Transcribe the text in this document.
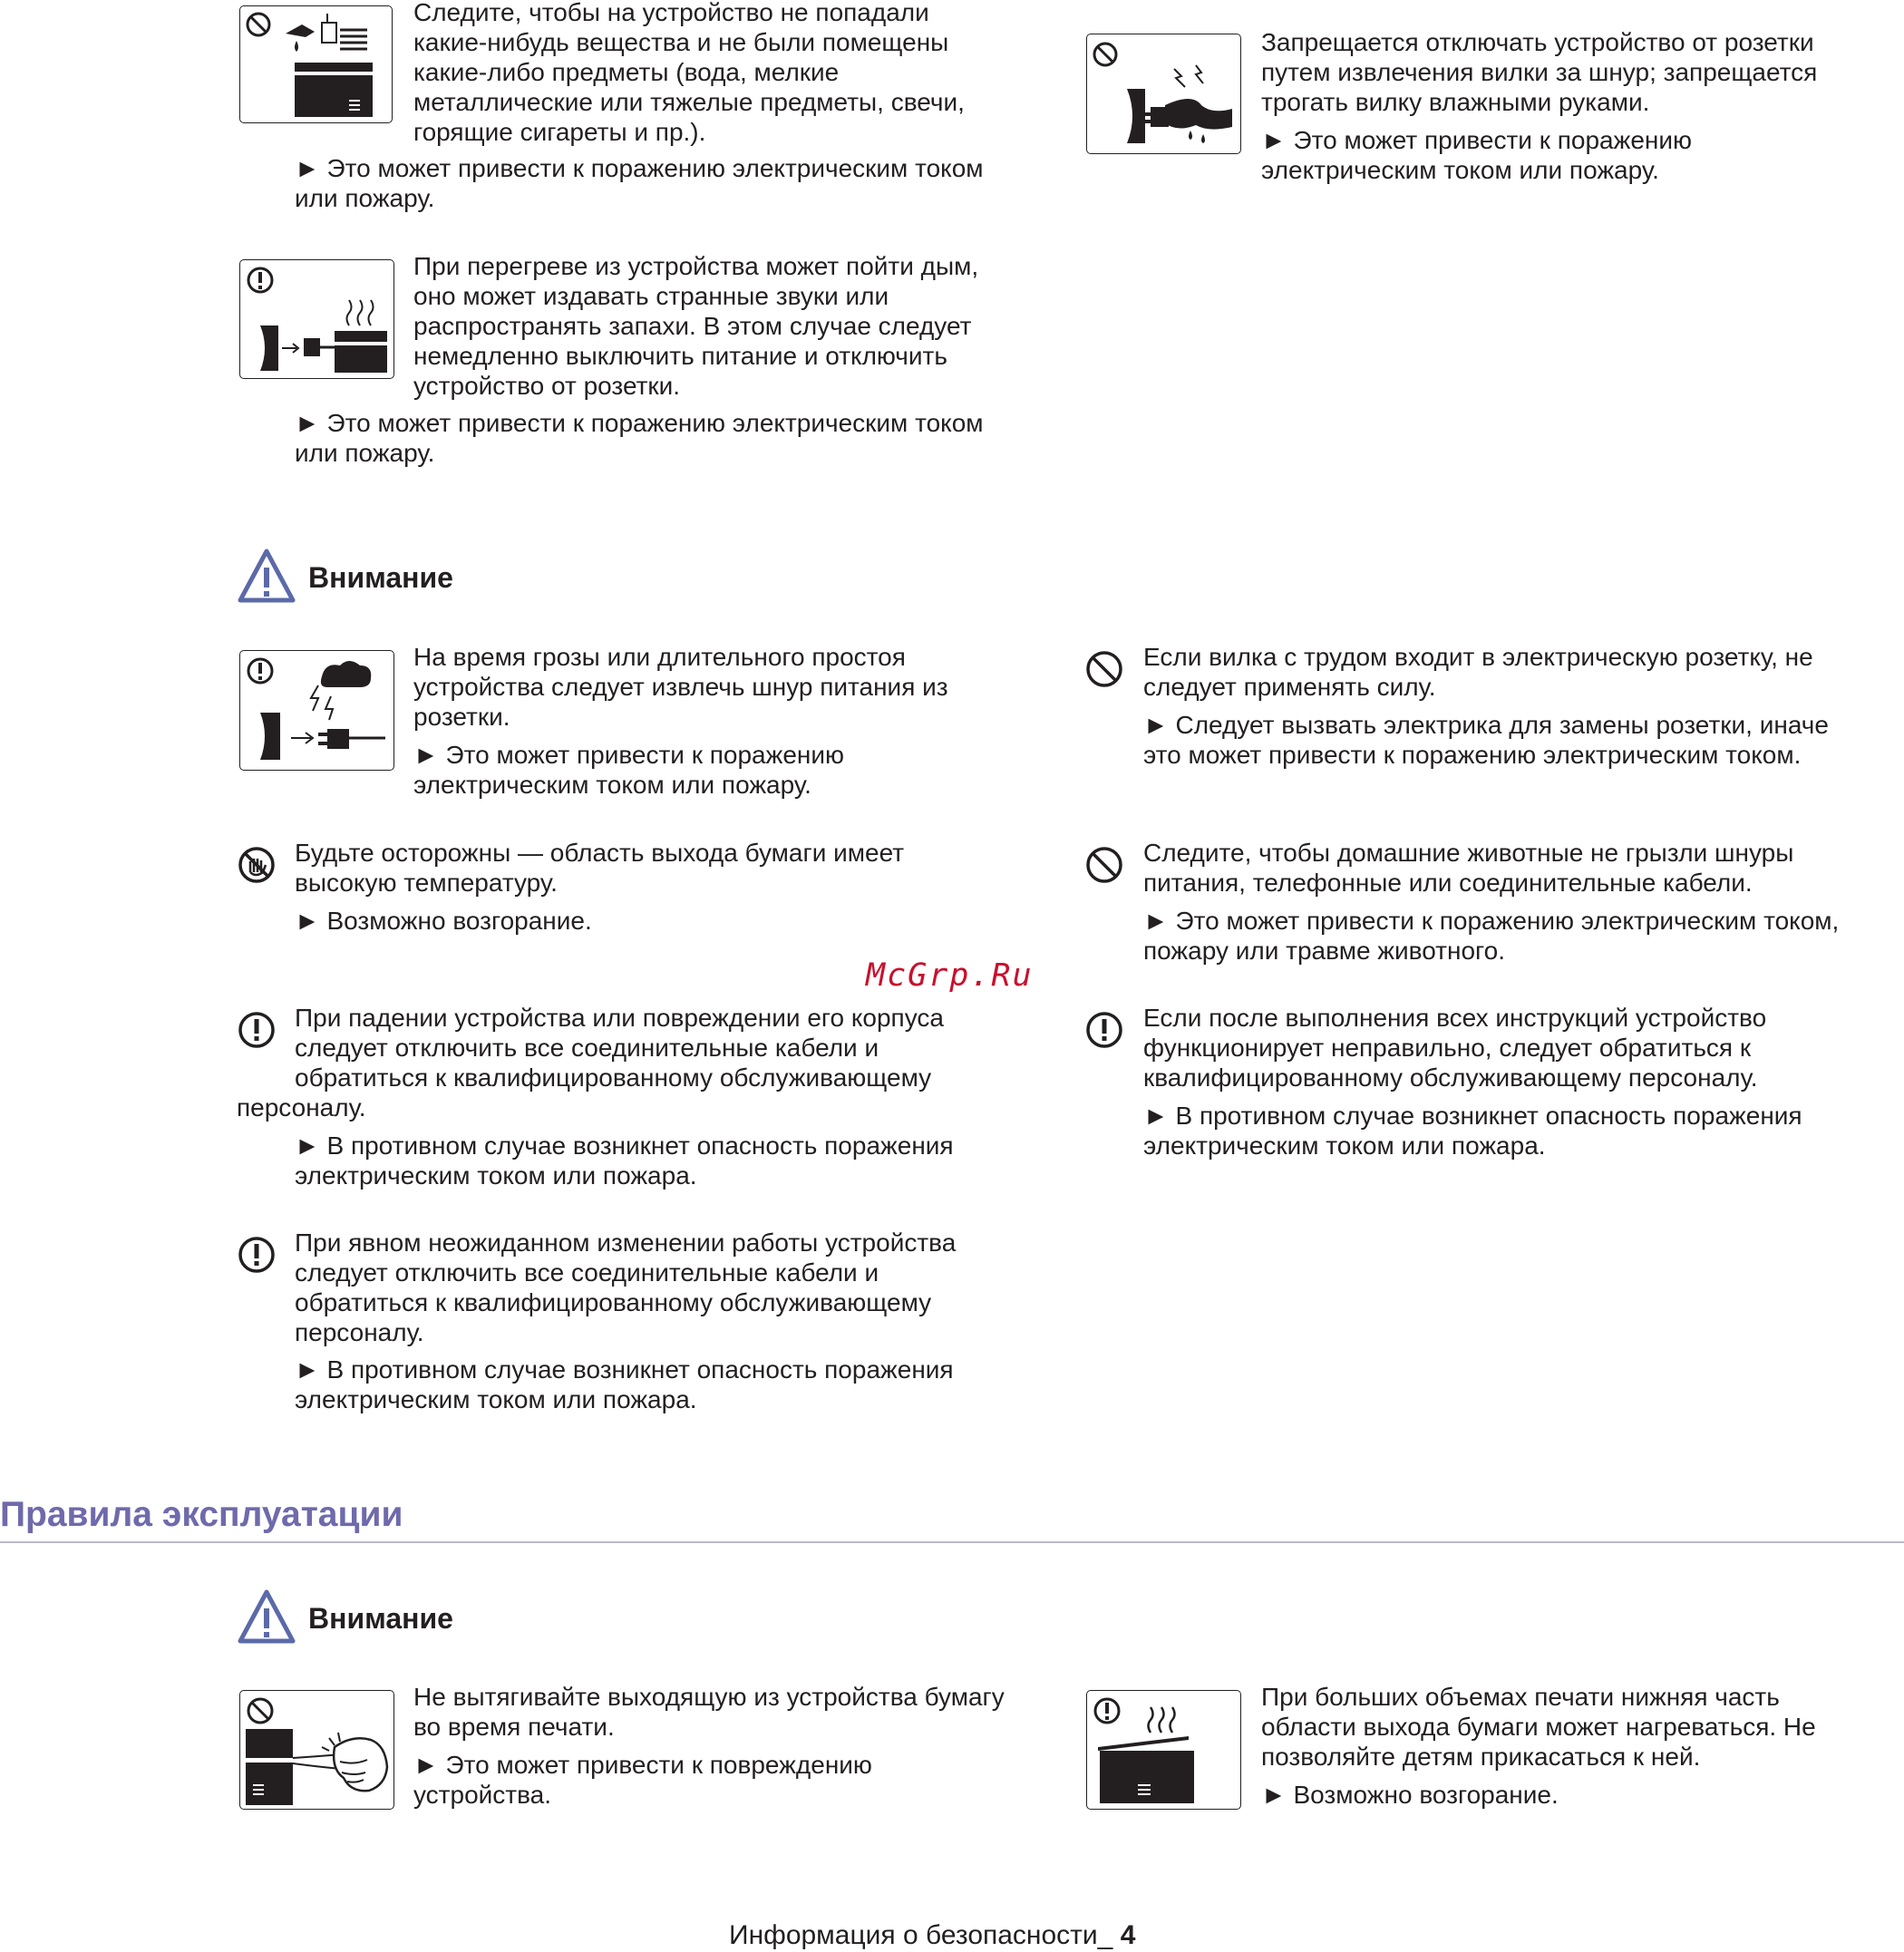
Следите, чтобы на устройство не попадали
какие-нибудь вещества и не были помещены
какие-либо предметы (вода, мелкие
металлические или тяжелые предметы, свечи,
горящие сигареты и пр.).

► Это может привести к поражению электрическим током
или пожару.

Запрещается отключать устройство от розетки
путем извлечения вилки за шнур; запрещается
трогать вилку влажными руками.

► Это может привести к поражению
электрическим током или пожару.

При перегреве из устройства может пойти дым,
оно может издавать странные звуки или
распространять запахи. В этом случае следует
немедленно выключить питание и отключить
устройство от розетки.

► Это может привести к поражению электрическим током
или пожару.

Внимание

На время грозы или длительного простоя
устройства следует извлечь шнур питания из
розетки.

► Это может привести к поражению
электрическим током или пожару.

Если вилка с трудом входит в электрическую розетку, не
следует применять силу.

► Следует вызвать электрика для замены розетки, иначе
это может привести к поражению электрическим током.

Будьте осторожны — область выхода бумаги имеет
высокую температуру.

► Возможно возгорание.

Следите, чтобы домашние животные не грызли шнуры
питания, телефонные или соединительные кабели.

► Это может привести к поражению электрическим током,
пожару или травме животного.

McGrp.Ru

При падении устройства или повреждении его корпуса
следует отключить все соединительные кабели и
обратиться к квалифицированному обслуживающему

персоналу.

► В противном случае возникнет опасность поражения
электрическим током или пожара.

Если после выполнения всех инструкций устройство
функционирует неправильно, следует обратиться к
квалифицированному обслуживающему персоналу.

► В противном случае возникнет опасность поражения
электрическим током или пожара.

При явном неожиданном изменении работы устройства
следует отключить все соединительные кабели и
обратиться к квалифицированному обслуживающему
персоналу.

► В противном случае возникнет опасность поражения
электрическим током или пожара.

Правила эксплуатации
Внимание

Не вытягивайте выходящую из устройства бумагу
во время печати.

► Это может привести к повреждению
устройства.

При больших объемах печати нижняя часть
области выхода бумаги может нагреваться. Не
позволяйте детям прикасаться к ней.

► Возможно возгорание.

Информация о безопасности_ 4
